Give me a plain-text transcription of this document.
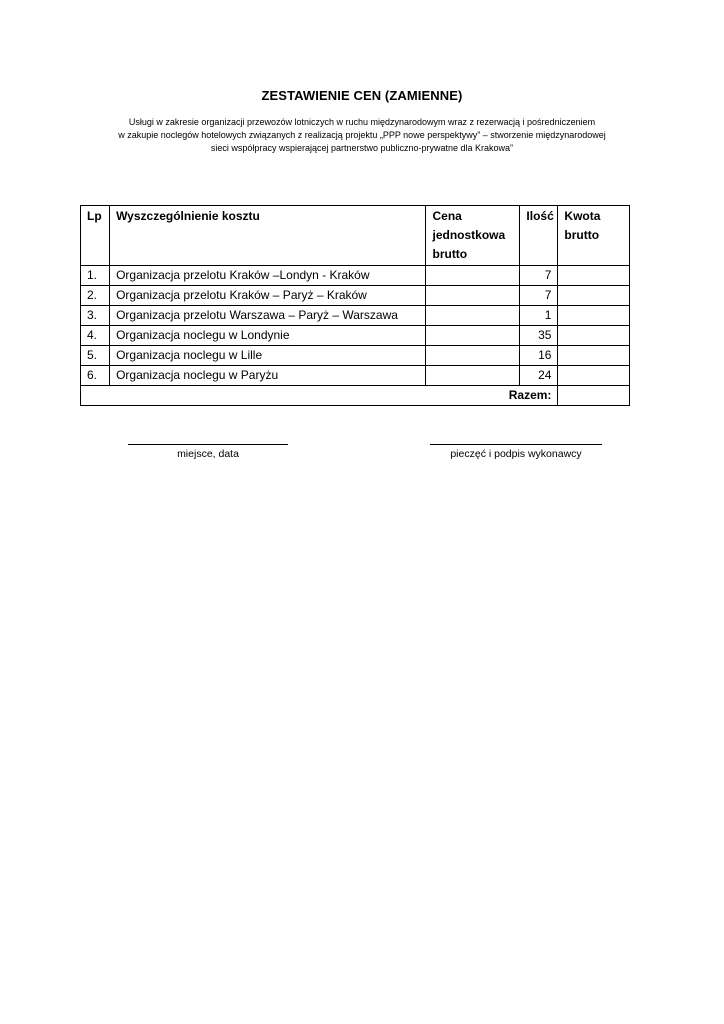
ZESTAWIENIE CEN (ZAMIENNE)
Usługi w zakresie organizacji przewozów lotniczych w ruchu międzynarodowym wraz z rezerwacją i pośredniczeniem
w zakupie noclegów hotelowych związanych z realizacją projektu „PPP nowe perspektywy” – stworzenie międzynarodowej
sieci współpracy wspierającej partnerstwo publiczno-prywatne dla Krakowa”
Lp	Wyszczególnienie kosztu	Cena jednostkowa brutto	Ilość	Kwota brutto
1.	Organizacja przelotu Kraków –Londyn - Kraków		7	
2.	Organizacja przelotu Kraków – Paryż – Kraków		7	
3.	Organizacja przelotu Warszawa – Paryż – Warszawa		1	
4.	Organizacja noclegu w Londynie		35	
5.	Organizacja noclegu w Lille		16	
6.	Organizacja noclegu w Paryżu		24	
Razem:				
miejsce, data	pieczęć i podpis wykonawcy
